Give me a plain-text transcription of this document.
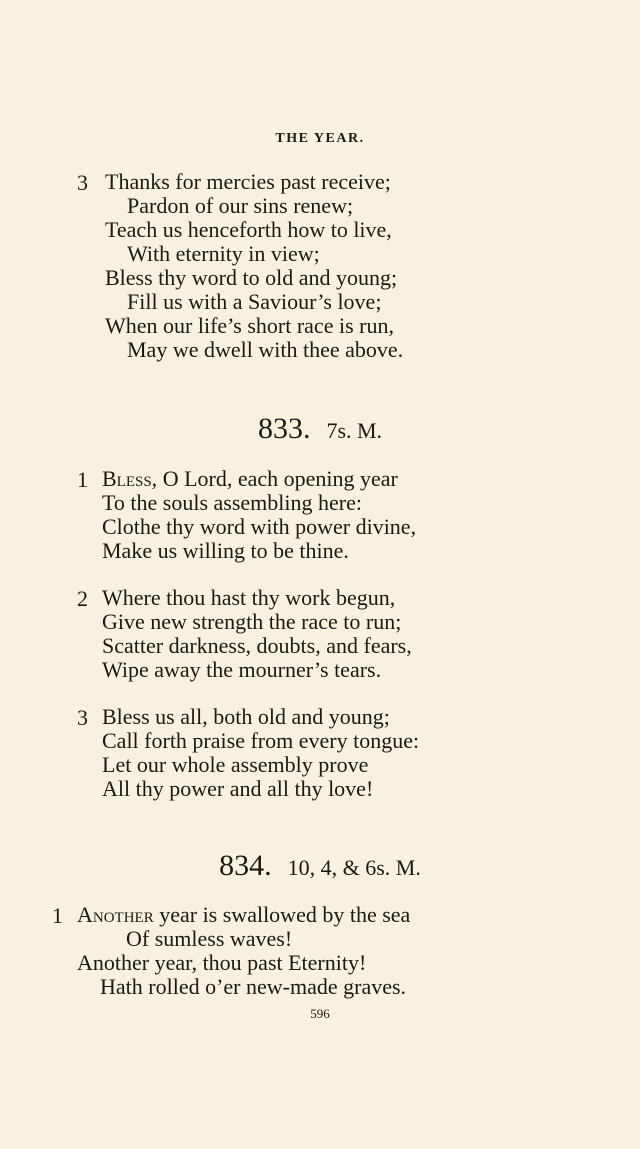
THE YEAR.
3 Thanks for mercies past receive;
Pardon of our sins renew;
Teach us henceforth how to live,
With eternity in view;
Bless thy word to old and young;
Fill us with a Saviour’s love;
When our life’s short race is run,
May we dwell with thee above.
833. 7s. M.
1 Bless, O Lord, each opening year
To the souls assembling here:
Clothe thy word with power divine,
Make us willing to be thine.
2 Where thou hast thy work begun,
Give new strength the race to run;
Scatter darkness, doubts, and fears,
Wipe away the mourner’s tears.
3 Bless us all, both old and young;
Call forth praise from every tongue:
Let our whole assembly prove
All thy power and all thy love!
834. 10, 4, & 6s. M.
1 Another year is swallowed by the sea
Of sumless waves!
Another year, thou past Eternity!
Hath rolled o’er new-made graves.
596
